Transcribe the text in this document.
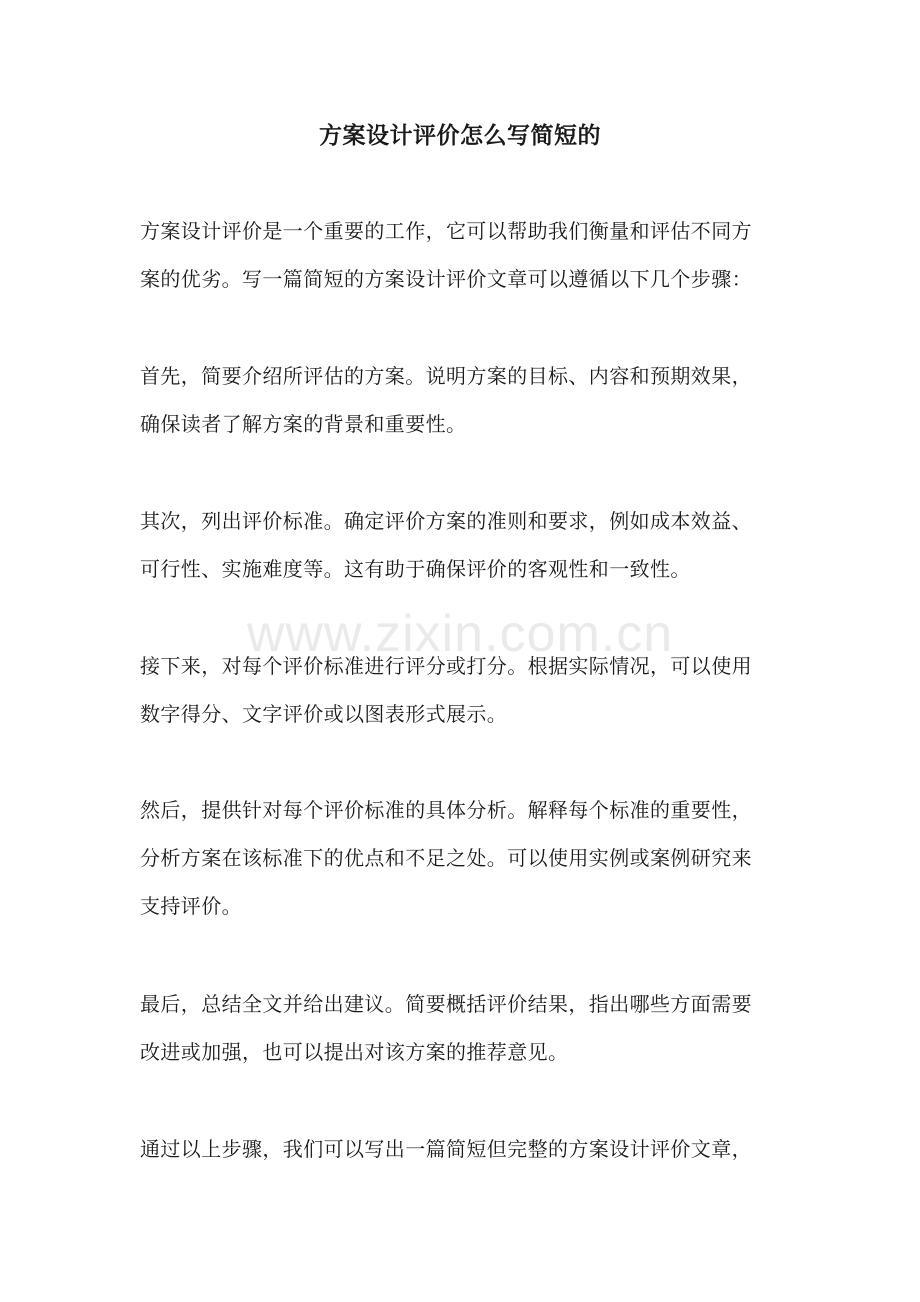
方案设计评价怎么写简短的
方案设计评价是一个重要的工作，它可以帮助我们衡量和评估不同方
案的优劣。写一篇简短的方案设计评价文章可以遵循以下几个步骤：
首先，简要介绍所评估的方案。说明方案的目标、内容和预期效果，
确保读者了解方案的背景和重要性。
其次，列出评价标准。确定评价方案的准则和要求，例如成本效益、
可行性、实施难度等。这有助于确保评价的客观性和一致性。
接下来，对每个评价标准进行评分或打分。根据实际情况，可以使用
数字得分、文字评价或以图表形式展示。
然后，提供针对每个评价标准的具体分析。解释每个标准的重要性，
分析方案在该标准下的优点和不足之处。可以使用实例或案例研究来
支持评价。
最后，总结全文并给出建议。简要概括评价结果，指出哪些方面需要
改进或加强，也可以提出对该方案的推荐意见。
通过以上步骤，我们可以写出一篇简短但完整的方案设计评价文章，
www.zixin.com.cn
